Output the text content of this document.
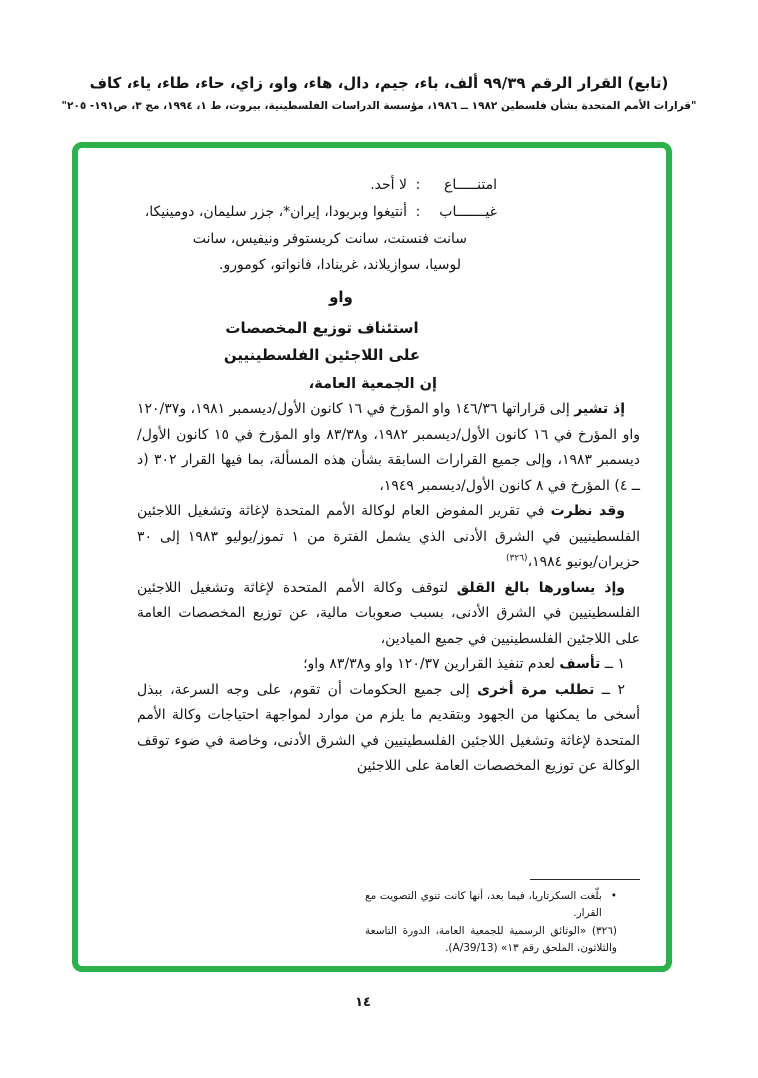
(تابع) القرار الرقم ٩٩/٣٩ ألف، باء، جيم، دال، هاء، واو، زاي، حاء، طاء، ياء، كاف
"قرارات الأمم المتحدة بشأن فلسطين ١٩٨٢ ــ ١٩٨٦، مؤسسة الدراسات الفلسطينية، بيروت، ط ١، ١٩٩٤، مج ٣، ص١٩١- ٢٠٥"
امتنـــــاع
:
لا أحد.
غيـــــــاب
:
أنتيغوا وبربودا، إيران*، جزر سليمان، دومينيكا،
سانت فنسنت، سانت كريستوفر ونيفيس، سانت
لوسيا، سوازيلاند، غرينادا، فانواتو، كومورو.
واو
استئناف توزيع المخصصات
على اللاجئين الفلسطينيين
إن الجمعية العامة،

إذ تشير إلى قراراتها ١٤٦/٣٦ واو المؤرخ في ١٦ كانون الأول/ديسمبر ١٩٨١، و١٢٠/٣٧ واو المؤرخ في ١٦ كانون الأول/ديسمبر ١٩٨٢، و٨٣/٣٨ واو المؤرخ في ١٥ كانون الأول/ديسمبر ١٩٨٣، وإلى جميع القرارات السابقة بشأن هذه المسألة، بما فيها القرار ٣٠٢ (د ــ ٤) المؤرخ في ٨ كانون الأول/ديسمبر ١٩٤٩،

وقد نظرت في تقرير المفوض العام لوكالة الأمم المتحدة لإغاثة وتشغيل اللاجئين الفلسطينيين في الشرق الأدنى الذي يشمل الفترة من ١ تموز/يوليو ١٩٨٣ إلى ٣٠ حزيران/يونيو ١٩٨٤،$^{(٣٢٦)}$

وإذ يساورها بالغ القلق لتوقف وكالة الأمم المتحدة لإغاثة وتشغيل اللاجئين الفلسطينيين في الشرق الأدنى، بسبب صعوبات مالية، عن توزيع المخصصات العامة على اللاجئين الفلسطينيين في جميع الميادين،

١ ــ تأسف لعدم تنفيذ القرارين ١٢٠/٣٧ واو و٨٣/٣٨ واو؛

٢ ــ تطلب مرة أخرى إلى جميع الحكومات أن تقوم، على وجه السرعة، ببذل أسخى ما يمكنها من الجهود وبتقديم ما يلزم من موارد لمواجهة احتياجات وكالة الأمم المتحدة لإغاثة وتشغيل اللاجئين الفلسطينيين في الشرق الأدنى، وخاصة في ضوء توقف الوكالة عن توزيع المخصصات العامة على اللاجئين

•
بلّغت السكرتاريا، فيما بعد، أنها كانت تنوي التصويت مع القرار.
(٣٢٦) «الوثائق الرسمية للجمعية العامة، الدورة التاسعة والثلاثون، الملحق رقم ١٣» (A/39/13).
١٤
